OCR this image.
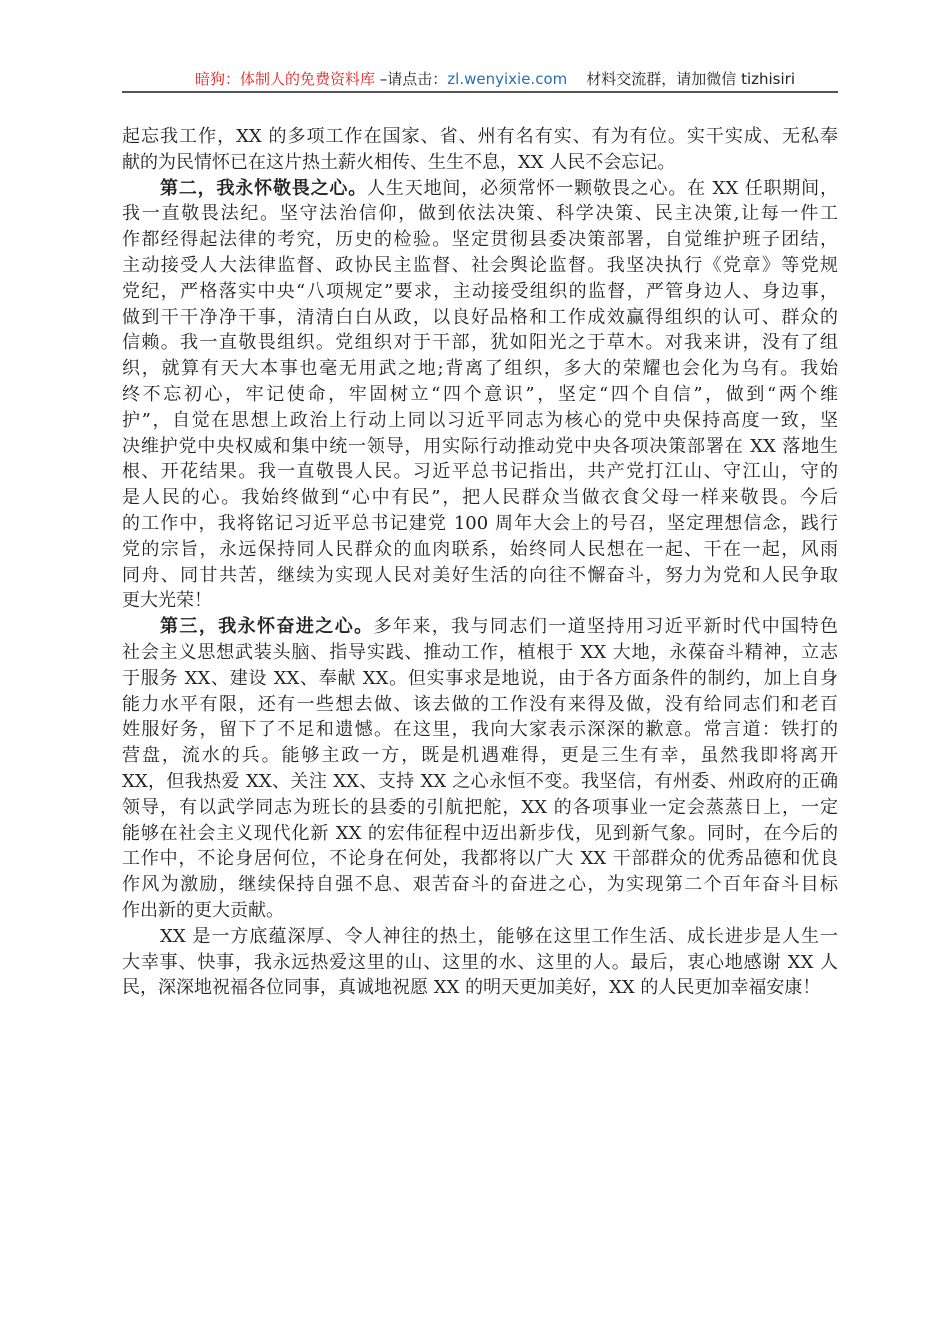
暗狗：体制人的免费资料库 –请点击：zl.wenyixie.com    材料交流群，请加微信 tizhisiri
起忘我工作，XX 的多项工作在国家、省、州有名有实、有为有位。实干实成、无私奉
献的为民情怀已在这片热土薪火相传、生生不息，XX 人民不会忘记。
第二，我永怀敬畏之心。人生天地间，必须常怀一颗敬畏之心。在 XX 任职期间，
我一直敬畏法纪。坚守法治信仰，做到依法决策、科学决策、民主决策,让每一件工
作都经得起法律的考究，历史的检验。坚定贯彻县委决策部署，自觉维护班子团结，
主动接受人大法律监督、政协民主监督、社会舆论监督。我坚决执行《党章》等党规
党纪，严格落实中央“八项规定”要求，主动接受组织的监督，严管身边人、身边事，
做到干干净净干事，清清白白从政，以良好品格和工作成效赢得组织的认可、群众的
信赖。我一直敬畏组织。党组织对于干部，犹如阳光之于草木。对我来讲，没有了组
织，就算有天大本事也毫无用武之地;背离了组织，多大的荣耀也会化为乌有。我始
终不忘初心，牢记使命，牢固树立“四个意识”，坚定“四个自信”，做到“两个维
护”，自觉在思想上政治上行动上同以习近平同志为核心的党中央保持高度一致，坚
决维护党中央权威和集中统一领导，用实际行动推动党中央各项决策部署在 XX 落地生
根、开花结果。我一直敬畏人民。习近平总书记指出，共产党打江山、守江山，守的
是人民的心。我始终做到“心中有民”，把人民群众当做衣食父母一样来敬畏。今后
的工作中，我将铭记习近平总书记建党 100 周年大会上的号召，坚定理想信念，践行
党的宗旨，永远保持同人民群众的血肉联系，始终同人民想在一起、干在一起，风雨
同舟、同甘共苦，继续为实现人民对美好生活的向往不懈奋斗，努力为党和人民争取
更大光荣！
第三，我永怀奋进之心。多年来，我与同志们一道坚持用习近平新时代中国特色
社会主义思想武装头脑、指导实践、推动工作，植根于 XX 大地，永葆奋斗精神，立志
于服务 XX、建设 XX、奉献 XX。但实事求是地说，由于各方面条件的制约，加上自身
能力水平有限，还有一些想去做、该去做的工作没有来得及做，没有给同志们和老百
姓服好务，留下了不足和遗憾。在这里，我向大家表示深深的歉意。常言道：铁打的
营盘，流水的兵。能够主政一方，既是机遇难得，更是三生有幸，虽然我即将离开
XX，但我热爱 XX、关注 XX、支持 XX 之心永恒不变。我坚信，有州委、州政府的正确
领导，有以武学同志为班长的县委的引航把舵，XX 的各项事业一定会蒸蒸日上，一定
能够在社会主义现代化新 XX 的宏伟征程中迈出新步伐，见到新气象。同时，在今后的
工作中，不论身居何位，不论身在何处，我都将以广大 XX 干部群众的优秀品德和优良
作风为激励，继续保持自强不息、艰苦奋斗的奋进之心，为实现第二个百年奋斗目标
作出新的更大贡献。
XX 是一方底蕴深厚、令人神往的热土，能够在这里工作生活、成长进步是人生一
大幸事、快事，我永远热爱这里的山、这里的水、这里的人。最后，衷心地感谢 XX 人
民，深深地祝福各位同事，真诚地祝愿 XX 的明天更加美好，XX 的人民更加幸福安康！
